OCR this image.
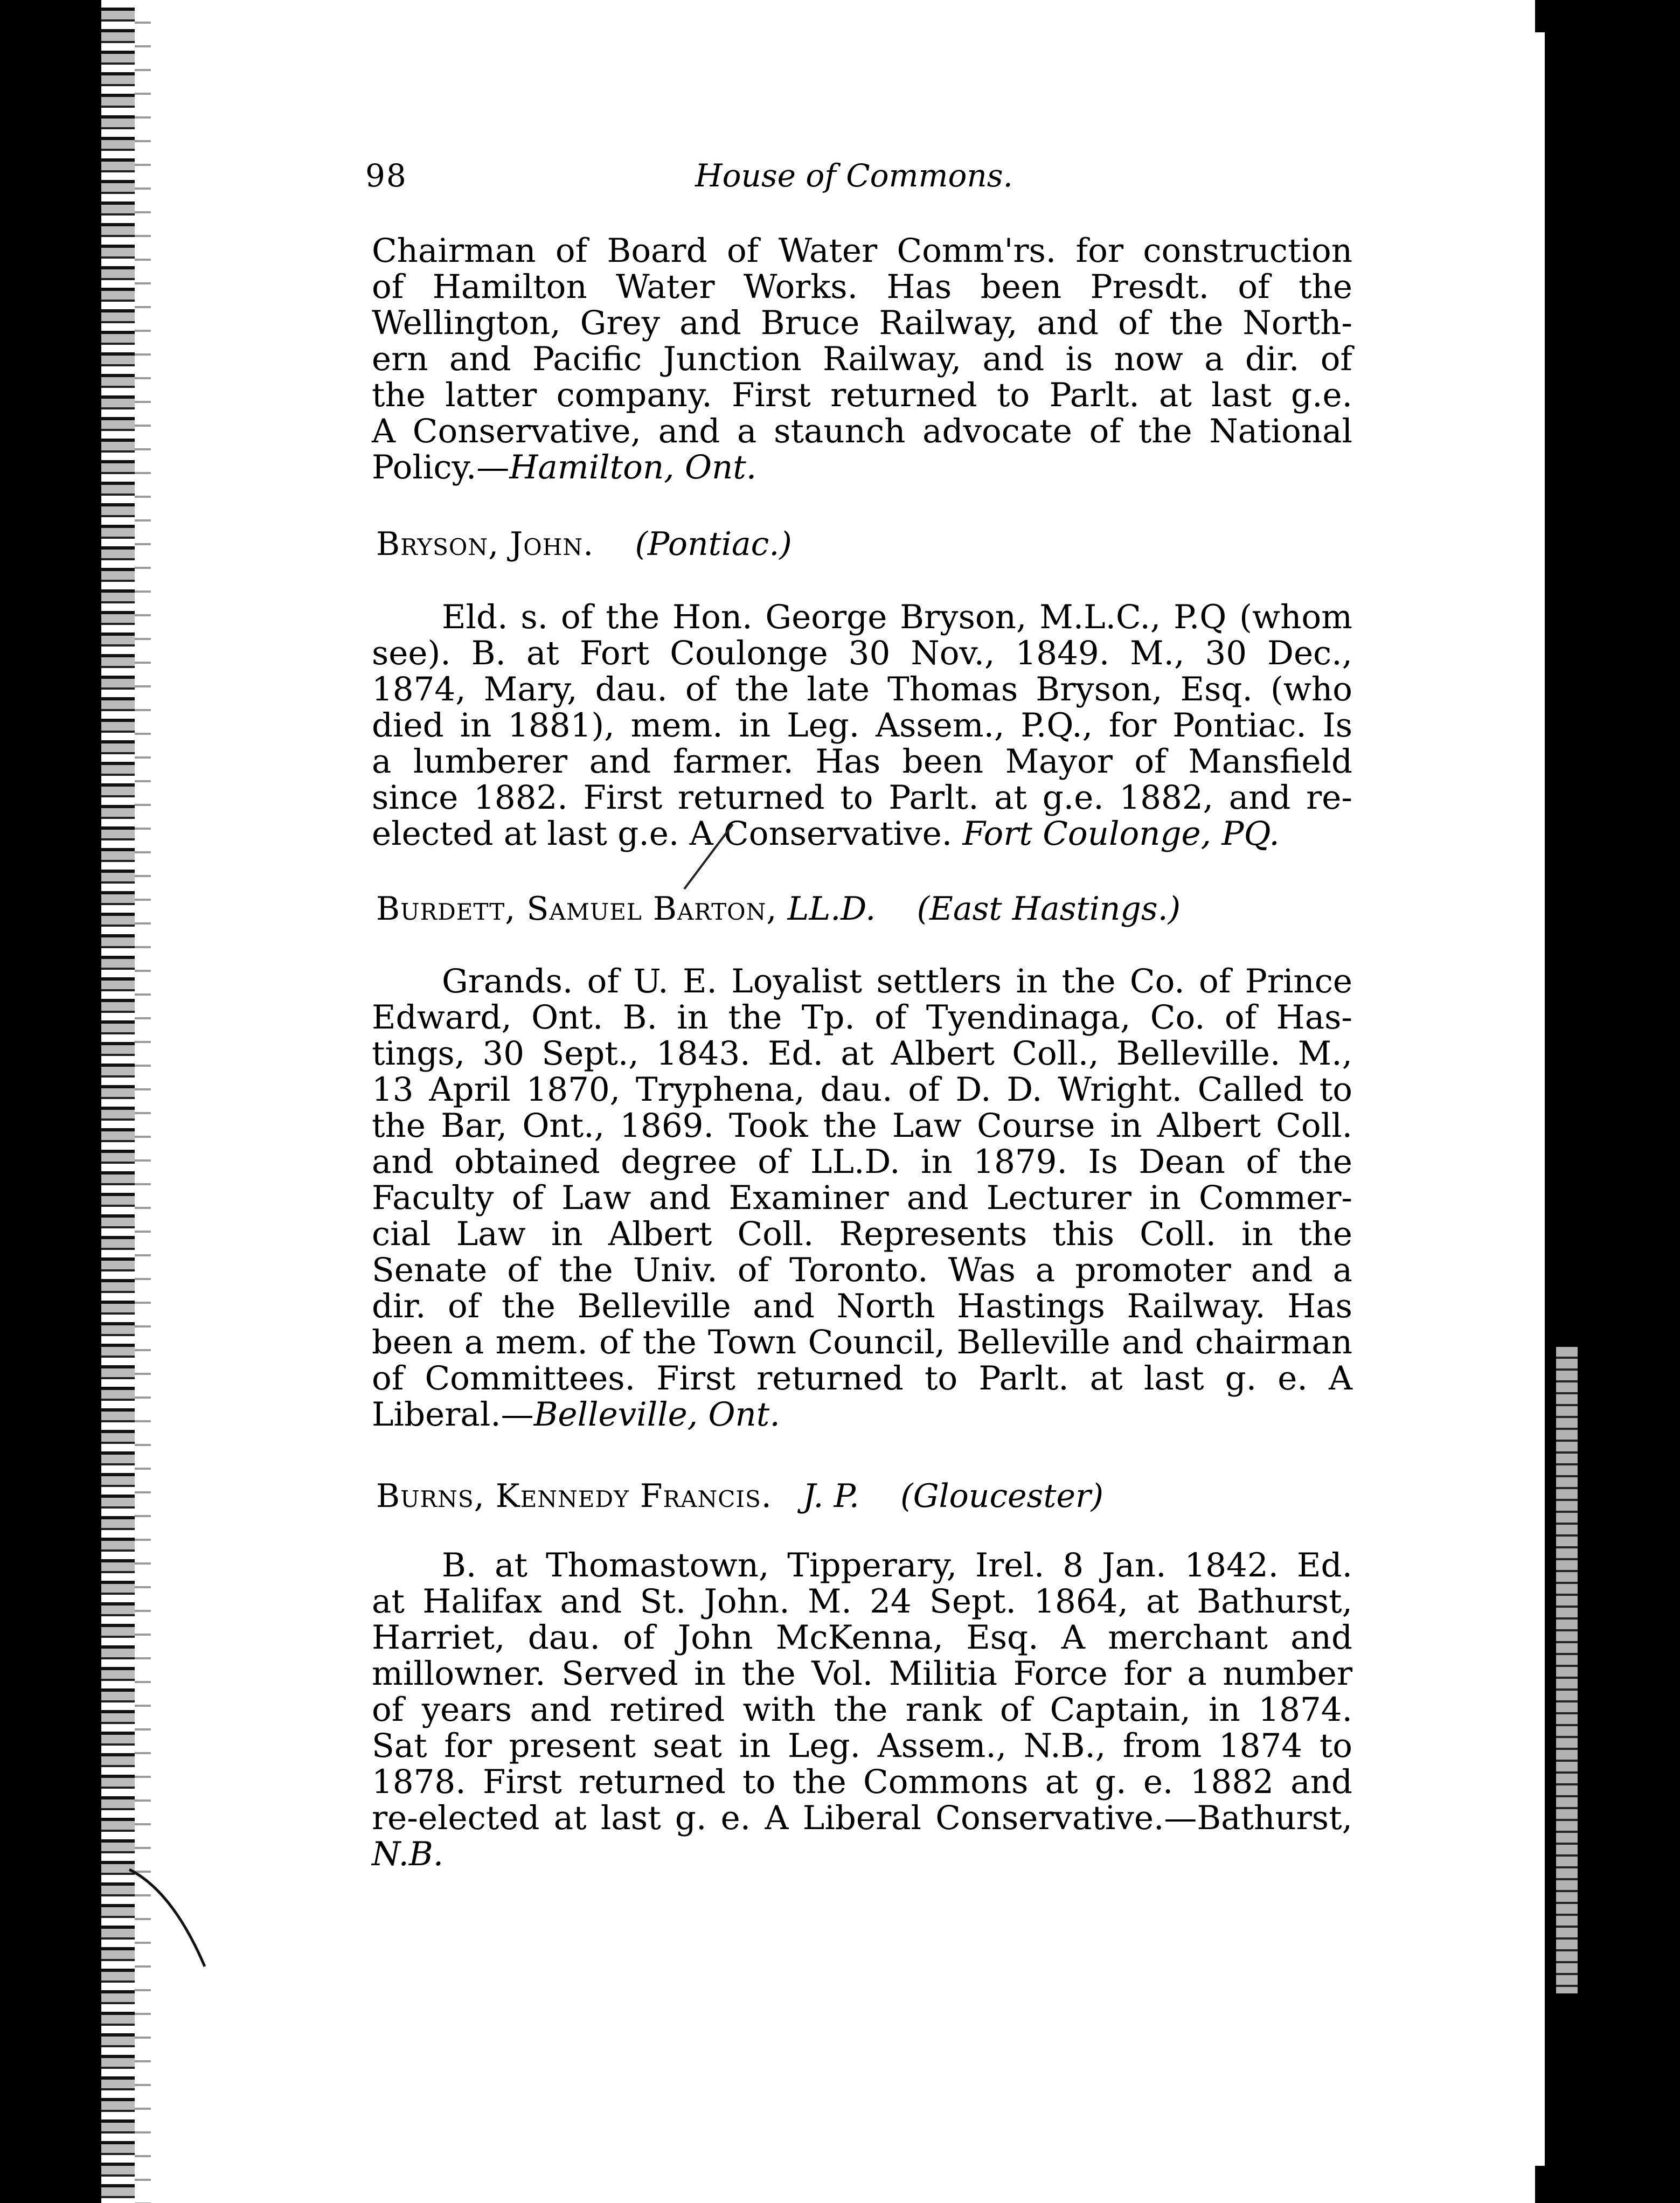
98	House of Commons.

Chairman of Board of Water Comm'rs. for construction
of Hamilton Water Works. Has been Presdt. of the
Wellington, Grey and Bruce Railway, and of the North-
ern and Pacific Junction Railway, and is now a dir. of
the latter company. First returned to Parlt. at last g.e.
A Conservative, and a staunch advocate of the National
Policy.—Hamilton, Ont.

Bryson, John. (Pontiac.)

Eld. s. of the Hon. George Bryson, M.L.C., P.Q (whom
see). B. at Fort Coulonge 30 Nov., 1849. M., 30 Dec.,
1874, Mary, dau. of the late Thomas Bryson, Esq. (who
died in 1881), mem. in Leg. Assem., P.Q., for Pontiac. Is
a lumberer and farmer. Has been Mayor of Mansfield
since 1882. First returned to Parlt. at g.e. 1882, and re-
elected at last g.e. A Conservative. Fort Coulonge, PQ.

Burdett, Samuel Barton, LL.D. (East Hastings.)

Grands. of U. E. Loyalist settlers in the Co. of Prince
Edward, Ont. B. in the Tp. of Tyendinaga, Co. of Has-
tings, 30 Sept., 1843. Ed. at Albert Coll., Belleville. M.,
13 April 1870, Tryphena, dau. of D. D. Wright. Called to
the Bar, Ont., 1869. Took the Law Course in Albert Coll.
and obtained degree of LL.D. in 1879. Is Dean of the
Faculty of Law and Examiner and Lecturer in Commer-
cial Law in Albert Coll. Represents this Coll. in the
Senate of the Univ. of Toronto. Was a promoter and a
dir. of the Belleville and North Hastings Railway. Has
been a mem. of the Town Council, Belleville and chairman
of Committees. First returned to Parlt. at last g. e. A
Liberal.—Belleville, Ont.

Burns, Kennedy Francis. J. P. (Gloucester)

B. at Thomastown, Tipperary, Irel. 8 Jan. 1842. Ed.
at Halifax and St. John. M. 24 Sept. 1864, at Bathurst,
Harriet, dau. of John McKenna, Esq. A merchant and
millowner. Served in the Vol. Militia Force for a number
of years and retired with the rank of Captain, in 1874.
Sat for present seat in Leg. Assem., N.B., from 1874 to
1878. First returned to the Commons at g. e. 1882 and
re-elected at last g. e. A Liberal Conservative.—Bathurst,
N.B.
